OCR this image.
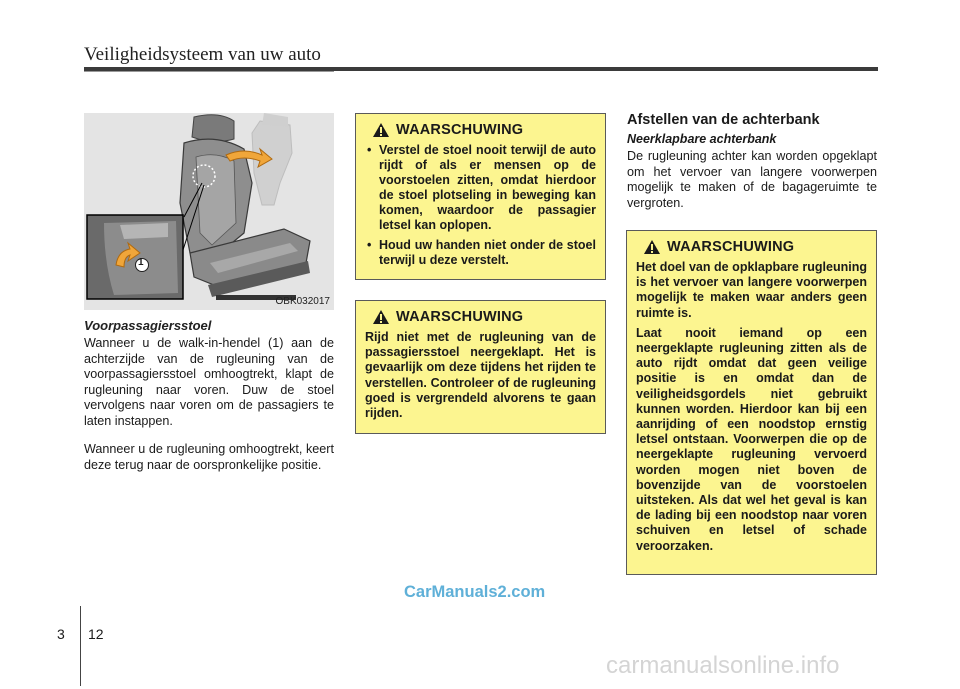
Veiligheidsysteem van uw auto
1
OBK032017
Voorpassagiersstoel

Wanneer u de walk-in-hendel (1) aan de achterzijde van de rugleuning van de voorpassagiersstoel omhoogtrekt, klapt de rugleuning naar voren. Duw de stoel vervolgens naar voren om de passagiers te laten instappen.

Wanneer u de rugleuning omhoogtrekt, keert deze terug naar de oorspronkelijke positie.

WAARSCHUWING
• Verstel de stoel nooit terwijl de auto rijdt of als er mensen op de voorstoelen zitten, omdat hierdoor de stoel plotseling in beweging kan komen, waardoor de passagier letsel kan oplopen.
• Houd uw handen niet onder de stoel terwijl u deze verstelt.
WAARSCHUWING

Rijd niet met de rugleuning van de passagiersstoel neergeklapt. Het is gevaarlijk om deze tijdens het rijden te verstellen. Controleer of de rugleuning goed is vergrendeld alvorens te gaan rijden.

Afstellen van de achterbank
Neerklapbare achterbank

De rugleuning achter kan worden opgeklapt om het vervoer van langere voorwerpen mogelijk te maken of de bagageruimte te vergroten.

WAARSCHUWING

Het doel van de opklapbare rugleuning is het vervoer van langere voorwerpen mogelijk te maken waar anders geen ruimte is.

Laat nooit iemand op een neergeklapte rugleuning zitten als de auto rijdt omdat dat geen veilige positie is en omdat dan de veiligheidsgordels niet gebruikt kunnen worden. Hierdoor kan bij een aanrijding of een noodstop ernstig letsel ontstaan. Voorwerpen die op de neergeklapte rugleuning vervoerd worden mogen niet boven de bovenzijde van de voorstoelen uitsteken. Als dat wel het geval is kan de lading bij een noodstop naar voren schuiven en letsel of schade veroorzaken.

CarManuals2.com
3 12
carmanualsonline.info
